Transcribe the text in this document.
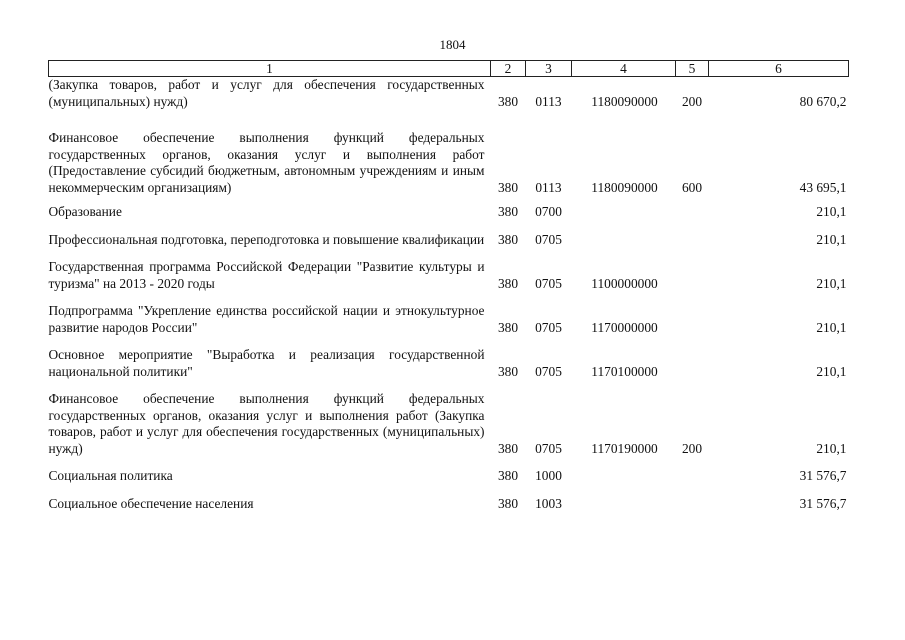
1804
1	2	3	4	5	6
(Закупка товаров, работ и услуг для обеспечения государственных (муниципальных) нужд)	380	0113	1180090000	200	80 670,2
Финансовое обеспечение выполнения функций федеральных государственных органов, оказания услуг и выполнения работ (Предоставление субсидий бюджетным, автономным учреждениям и иным некоммерческим организациям)	380	0113	1180090000	600	43 695,1
Образование	380	0700			210,1
Профессиональная подготовка, переподготовка и повышение квалификации	380	0705			210,1
Государственная программа Российской Федерации "Развитие культуры и туризма" на 2013 - 2020 годы	380	0705	1100000000		210,1
Подпрограмма "Укрепление единства российской нации и этнокультурное развитие народов России"	380	0705	1170000000		210,1
Основное мероприятие "Выработка и реализация государственной национальной политики"	380	0705	1170100000		210,1
Финансовое обеспечение выполнения функций федеральных государственных органов, оказания услуг и выполнения работ (Закупка товаров, работ и услуг для обеспечения государственных (муниципальных) нужд)	380	0705	1170190000	200	210,1
Социальная политика	380	1000			31 576,7
Социальное обеспечение населения	380	1003			31 576,7
